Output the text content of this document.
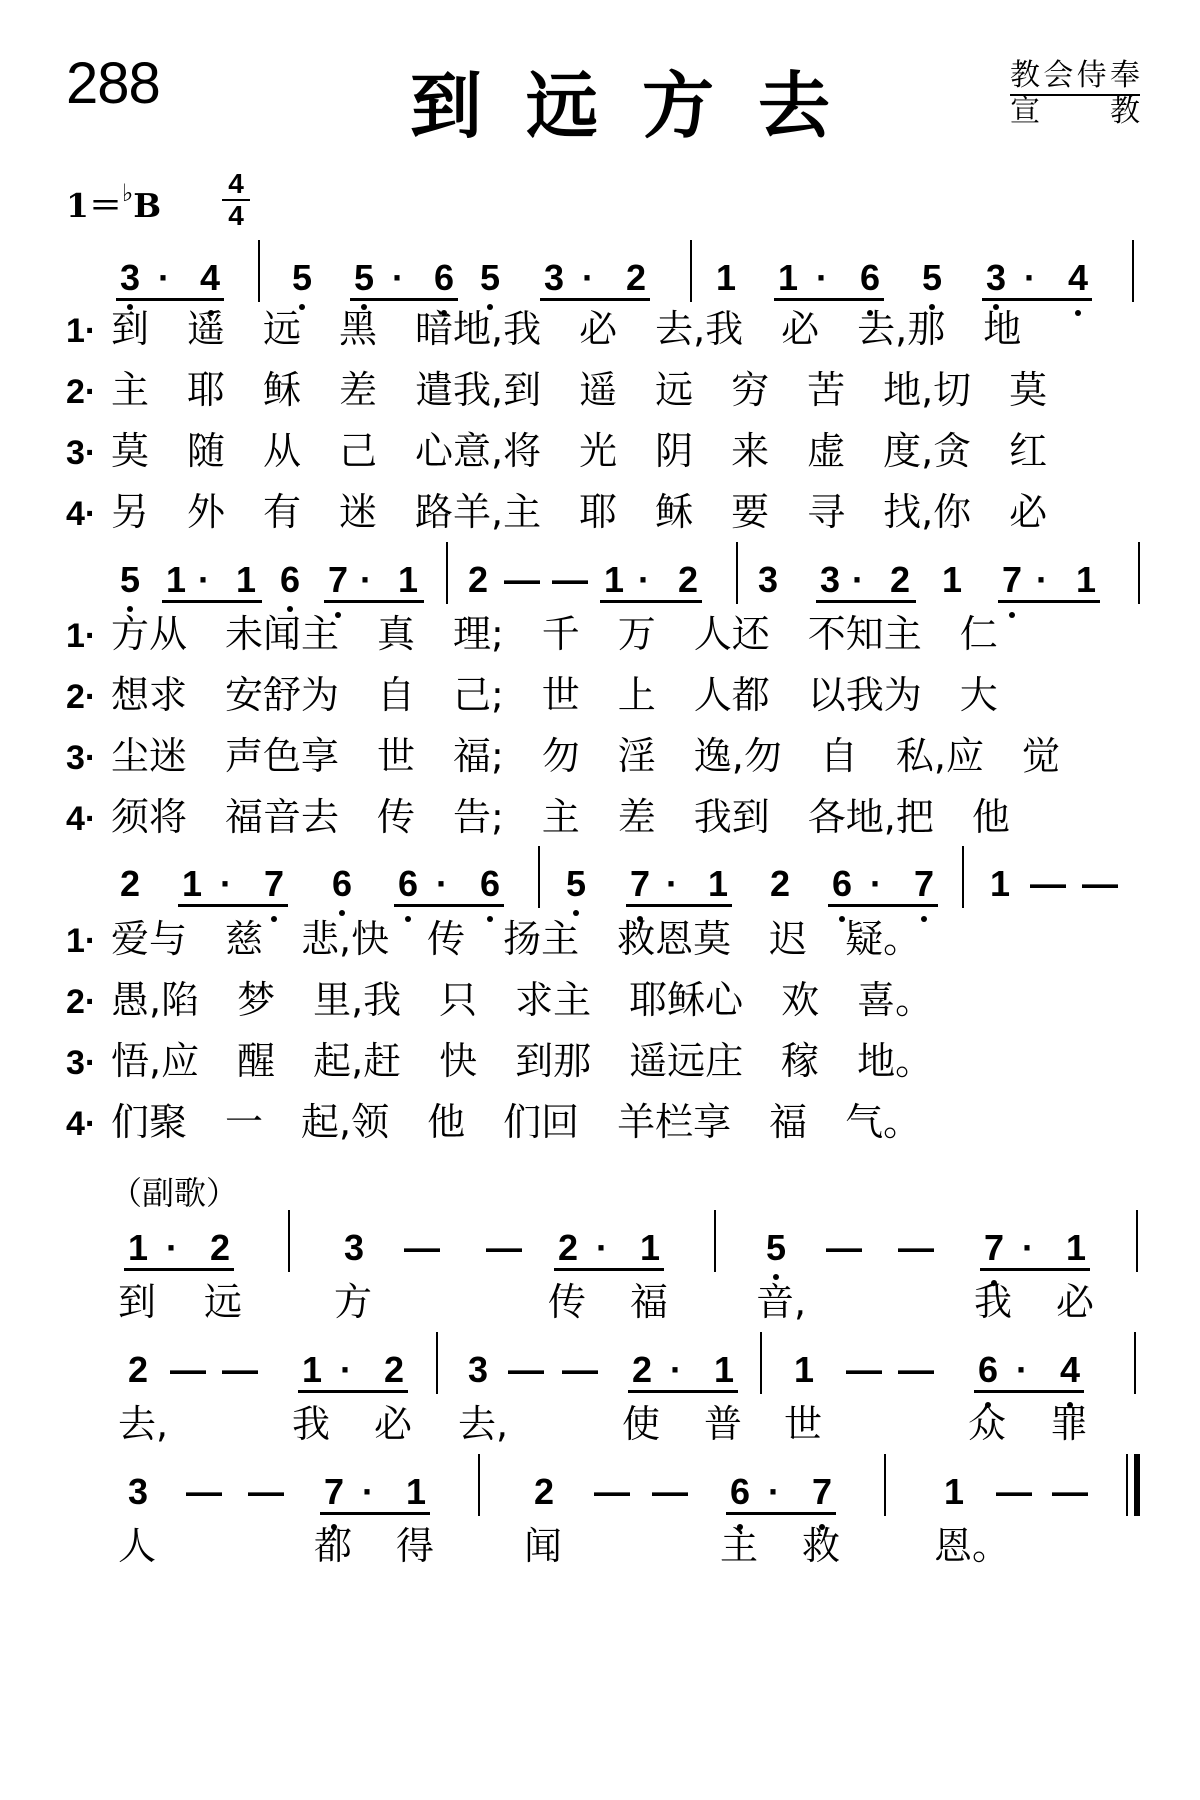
288	到远方去	教会侍奉
宣　教
1＝♭B
4
4
3 · 4 5 5 · 6 5 3 · 2 1 1 · 6 5 3 · 4
1· 到　遥　远　黑　暗地,我　必　去,我　必　去,那　地
2· 主　耶　稣　差　遣我,到　遥　远　穷　苦　地,切　莫
3· 莫　随　从　己　心意,将　光　阴　来　虚　度,贪　红
4· 另　外　有　迷　路羊,主　耶　稣　要　寻　找,你　必
5 1 · 1 6 7 · 1 2 — — 1 · 2 3 3 · 2 1 7 · 1
1· 方从　未闻主　真　理;　千　万　人还　不知主　仁
2· 想求　安舒为　自　己;　世　上　人都　以我为　大
3· 尘迷　声色享　世　福;　勿　淫　逸,勿　自　私,应　觉
4· 须将　福音去　传　告;　主　差　我到　各地,把　他
2 1 · 7 6 6 · 6 5 7 · 1 2 6 · 7 1 — —
1· 爱与　慈　悲,快　传　扬主　救恩莫　迟　疑。
2· 愚,陷　梦　里,我　只　求主　耶稣心　欢　喜。
3· 悟,应　醒　起,赶　快　到那　遥远庄　稼　地。
4· 们聚　一　起,领　他　们回　羊栏享　福　气。
（副歌）
1 · 2	3 — — 2 · 1	5 — — 7 · 1
到 远 方	传 福 音,	我 必
2 — — 1 · 2 3 — — 2 · 1 1 — — 6 · 4
去,	我 必 去,	使 普 世	众 罪
3 — — 7 · 1	2 — — 6 · 7	1 — —
人	都 得 闻	主 救 恩。
